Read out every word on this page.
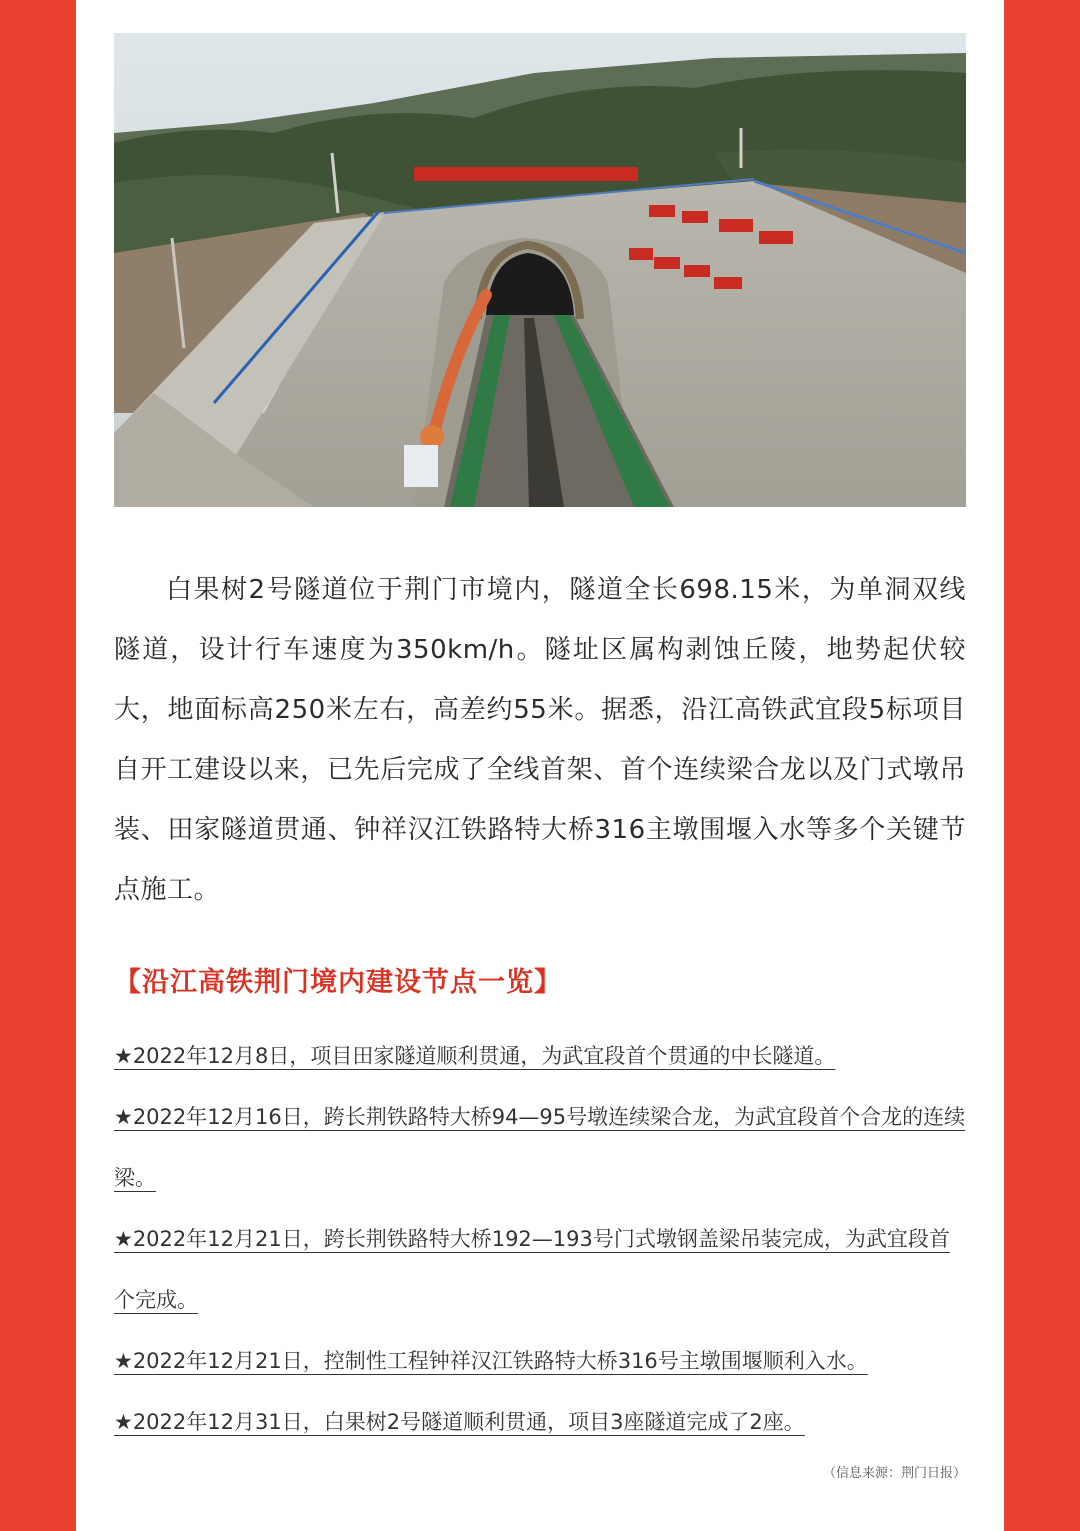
白果树2号隧道位于荆门市境内，隧道全长698.15米，为单洞双线隧道，设计行车速度为350km/h。隧址区属构剥蚀丘陵，地势起伏较大，地面标高250米左右，高差约55米。据悉，沿江高铁武宜段5标项目自开工建设以来，已先后完成了全线首架、首个连续梁合龙以及门式墩吊装、田家隧道贯通、钟祥汉江铁路特大桥316主墩围堰入水等多个关键节点施工。

【沿江高铁荆门境内建设节点一览】
★2022年12月8日，项目田家隧道顺利贯通，为武宜段首个贯通的中长隧道。
★2022年12月16日，跨长荆铁路特大桥94—95号墩连续梁合龙，为武宜段首个合龙的连续梁。
★2022年12月21日，跨长荆铁路特大桥192—193号门式墩钢盖梁吊装完成，为武宜段首个完成。
★2022年12月21日，控制性工程钟祥汉江铁路特大桥316号主墩围堰顺利入水。
★2022年12月31日，白果树2号隧道顺利贯通，项目3座隧道完成了2座。
（信息来源：荆门日报）
